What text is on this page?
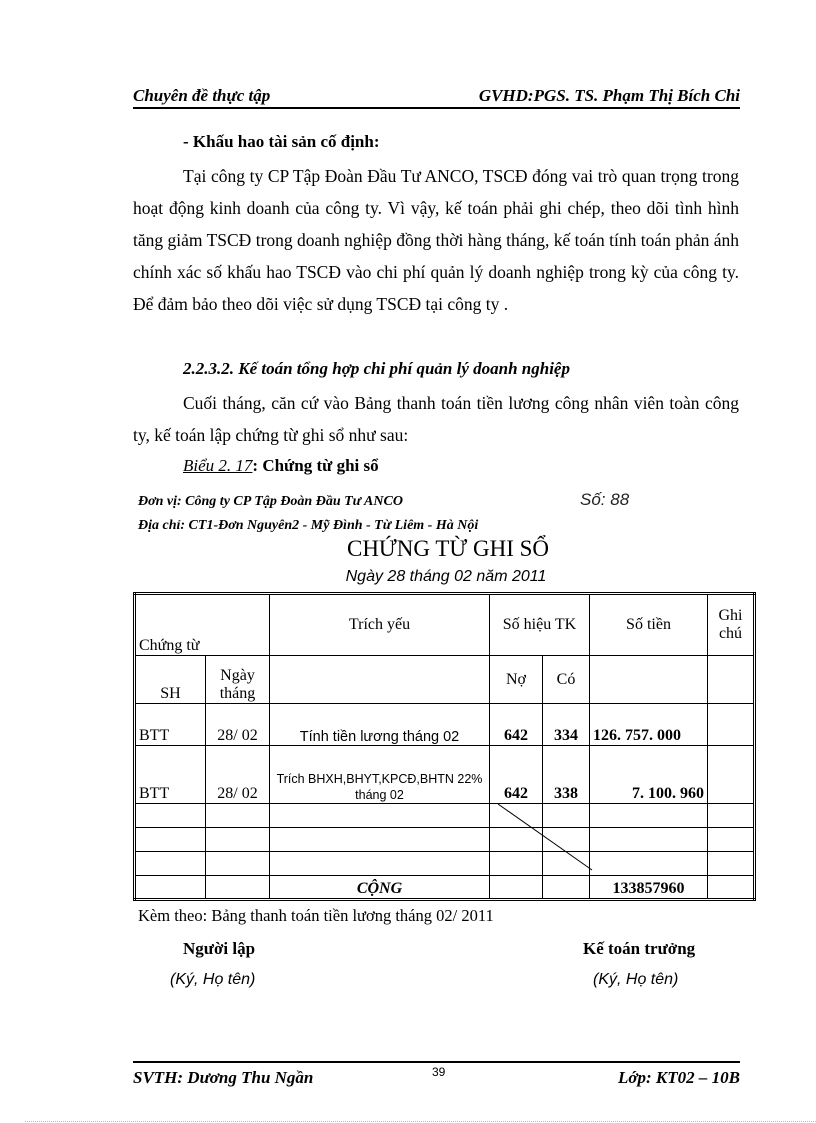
Chuyên đề thực tập	GVHD:PGS. TS. Phạm Thị Bích Chi
- Khấu hao tài sản cố định:
Tại công ty CP Tập Đoàn Đầu Tư ANCO, TSCĐ đóng vai trò quan trọng trong hoạt động kinh doanh của công ty. Vì vậy, kế toán phải ghi chép, theo dõi tình hình tăng giảm TSCĐ trong doanh nghiệp đồng thời hàng tháng, kế toán tính toán phản ánh chính xác số khấu hao TSCĐ vào chi phí quản lý doanh nghiệp trong kỳ của công ty. Để đảm bảo theo dõi việc sử dụng TSCĐ tại công ty .
2.2.3.2. Kế toán tổng hợp chi phí quản lý doanh nghiệp
Cuối tháng, căn cứ vào Bảng thanh toán tiền lương công nhân viên toàn công ty, kế toán lập chứng từ ghi sổ như sau:
Biểu 2. 17: Chứng từ ghi sổ
Đơn vị: Công ty CP Tập Đoàn Đầu Tư ANCO	Số: 88
Địa chỉ: CT1-Đơn Nguyên2 - Mỹ Đình - Từ Liêm - Hà Nội
CHỨNG TỪ GHI SỔ
Ngày 28 tháng 02 năm 2011
Chứng từ		Trích yếu	Số hiệu TK		Số tiền	Ghi chú
SH	Ngày tháng		Nợ	Có		
BTT	28/ 02	Tính tiền lương tháng 02	642	334	126. 757. 000	
BTT	28/ 02	Trích BHXH,BHYT,KPCĐ,BHTN 22% tháng 02	642	338	7. 100. 960	

		CỘNG			133857960	
Kèm theo: Bảng thanh toán tiền lương tháng 02/ 2011
Người lập
(Ký, Họ tên)
Kế toán trưởng
(Ký, Họ tên)
SVTH: Dương Thu Ngần	39	Lớp: KT02 – 10B
